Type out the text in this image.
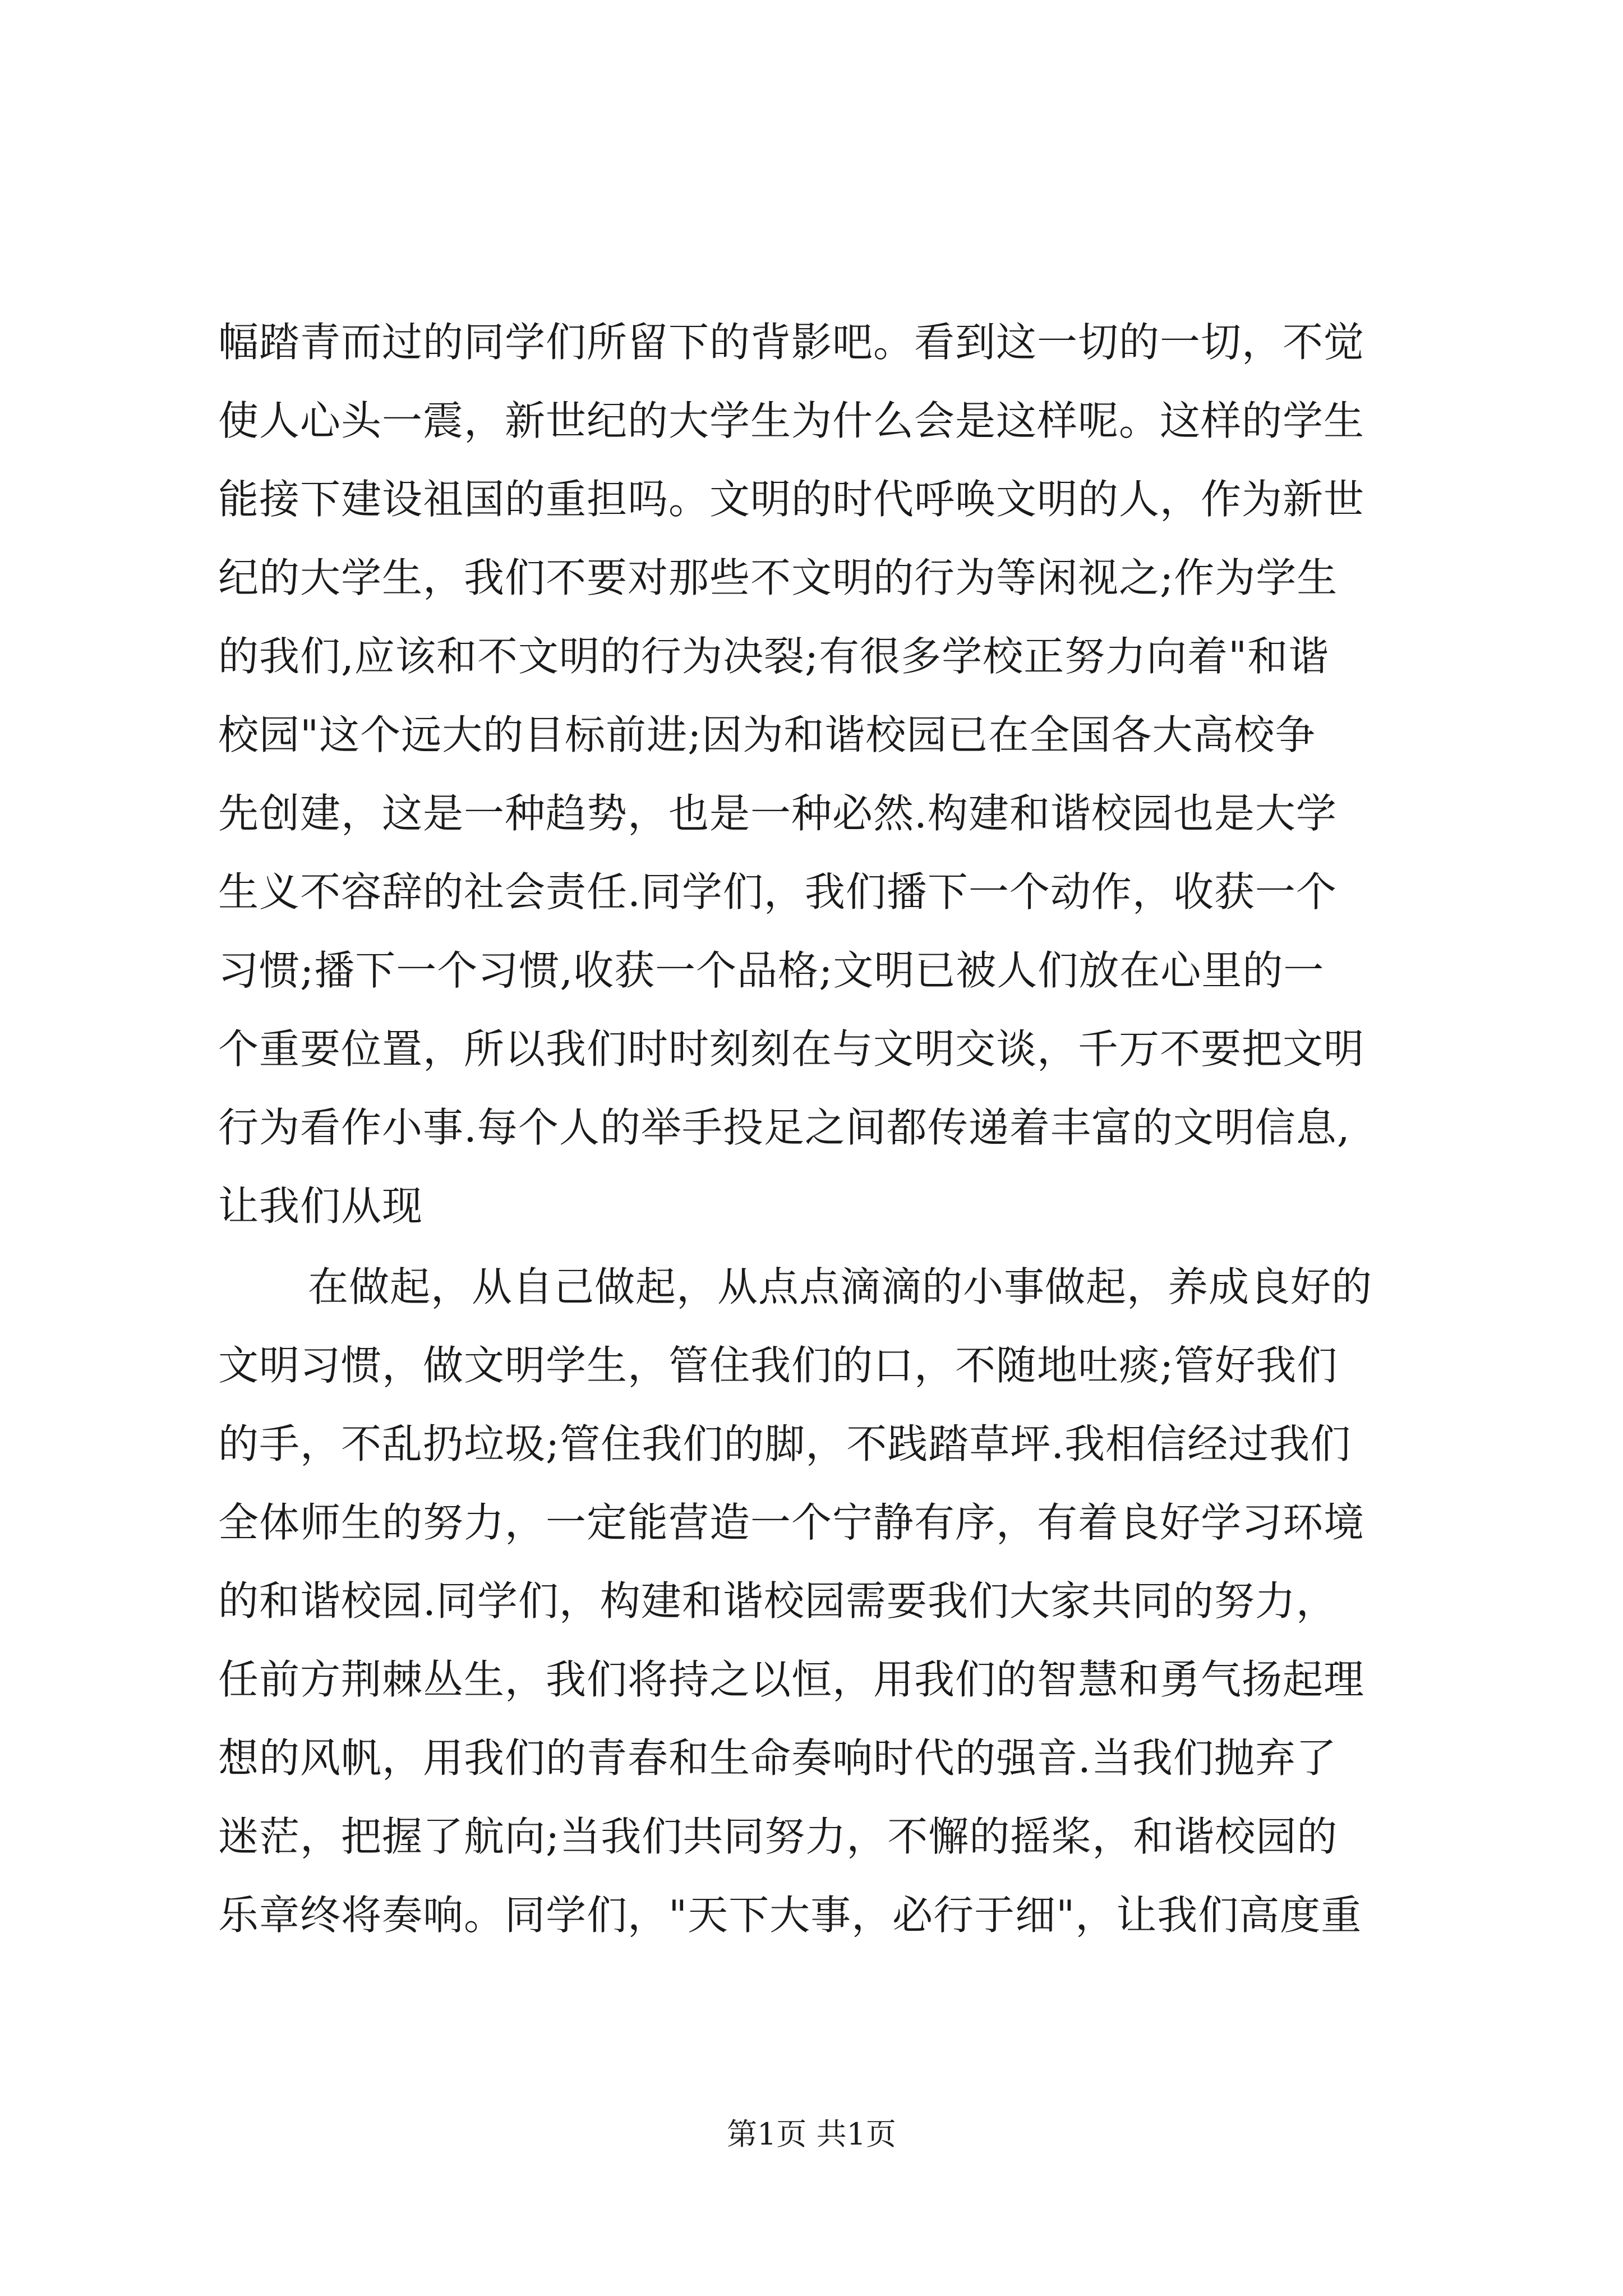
幅踏青而过的同学们所留下的背影吧。看到这一切的一切，不觉
使人心头一震，新世纪的大学生为什么会是这样呢。这样的学生
能接下建设祖国的重担吗。文明的时代呼唤文明的人，作为新世
纪的大学生，我们不要对那些不文明的行为等闲视之;作为学生
的我们,应该和不文明的行为决裂;有很多学校正努力向着"和谐
校园"这个远大的目标前进;因为和谐校园已在全国各大高校争
先创建，这是一种趋势，也是一种必然.构建和谐校园也是大学
生义不容辞的社会责任.同学们，我们播下一个动作，收获一个
习惯;播下一个习惯,收获一个品格;文明已被人们放在心里的一
个重要位置，所以我们时时刻刻在与文明交谈，千万不要把文明
行为看作小事.每个人的举手投足之间都传递着丰富的文明信息,
让我们从现
在做起，从自己做起，从点点滴滴的小事做起，养成良好的
文明习惯，做文明学生，管住我们的口，不随地吐痰;管好我们
的手，不乱扔垃圾;管住我们的脚，不践踏草坪.我相信经过我们
全体师生的努力，一定能营造一个宁静有序，有着良好学习环境
的和谐校园.同学们，构建和谐校园需要我们大家共同的努力，
任前方荆棘丛生，我们将持之以恒，用我们的智慧和勇气扬起理
想的风帆，用我们的青春和生命奏响时代的强音.当我们抛弃了
迷茫，把握了航向;当我们共同努力，不懈的摇桨，和谐校园的
乐章终将奏响。同学们，"天下大事，必行于细"，让我们高度重
第1页 共1页
